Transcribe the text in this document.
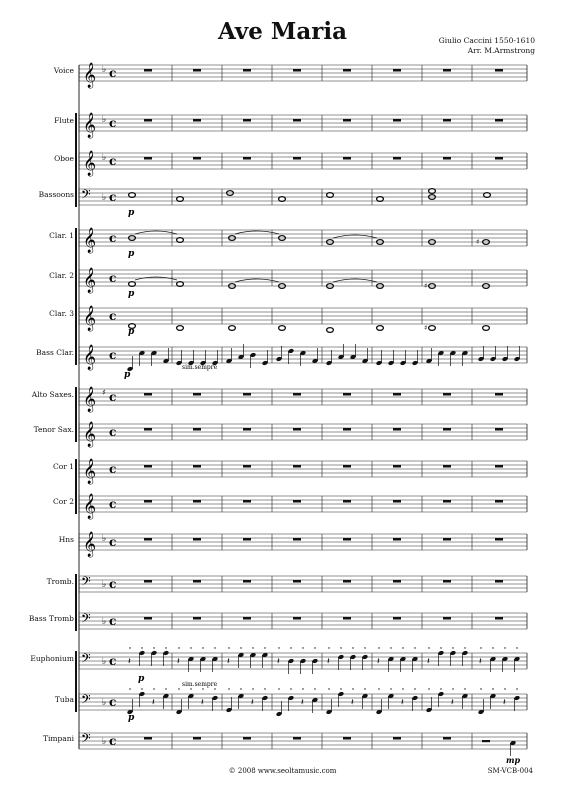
Ave Maria	Giulio Caccini 1550-1610
Arr. M.Armstrong
Voice
Flute
Oboe
Bassoons
Clar. 1
Clar. 2
Clar. 3
Bass Clar.
Alto Saxes.
Tenor Sax.
Cor 1
Cor 2
Hns
Tromb.
Bass Tromb
Euphonium
Tuba
Timpani
𝄞 ♭ c
𝄞 ♭ c
𝄞 ♭ c
𝄢 ♭ c
𝄞 c
𝄞 c
𝄞 c
𝄞 c
𝄞 ♯ c
𝄞 c
𝄞 c
𝄞 c
𝄞 ♭ c
𝄢 ♭ c
𝄢 ♭ c
𝄢 ♭ c
𝄢 ♭ c
𝄢 ♭ c
♯
♯
♯
𝄽	𝄽	𝄽	𝄽	𝄽	𝄽	𝄽	𝄽
𝄽	𝄽	𝄽	𝄽	𝄽	𝄽	𝄽	𝄽
p
p
p
p
p
p
p
mp
sim.sempre
sim.sempre
© 2008 www.seoltamusic.com	SM-VCB-004
